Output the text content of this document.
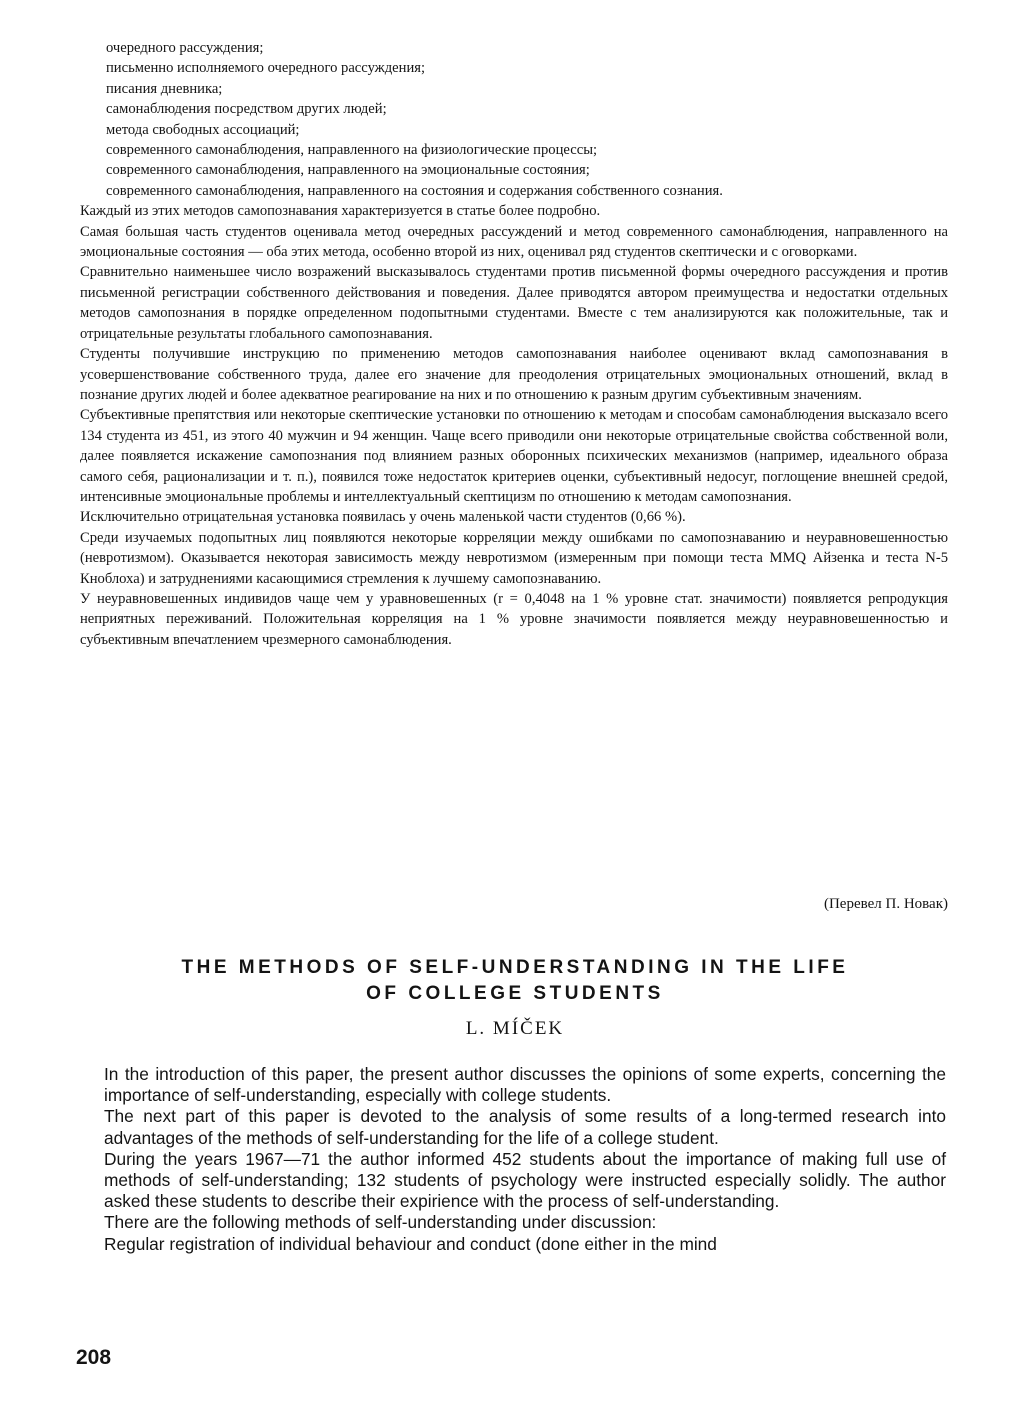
очередного рассуждения;

письменно исполняемого очередного рассуждения;

писания дневника;

самонаблюдения посредством других людей;

метода свободных ассоциаций;

современного самонаблюдения, направленного на физиологические процессы;

современного самонаблюдения, направленного на эмоциональные состояния;

современного самонаблюдения, направленного на состояния и содержания собственного сознания.

Каждый из этих методов самопознавания характеризуется в статье более подробно.

Самая большая часть студентов оценивала метод очередных рассуждений и метод современного самонаблюдения, направленного на эмоциональные состояния — оба этих метода, особенно второй из них, оценивал ряд студентов скептически и с оговорками.

Сравнительно наименьшее число возражений высказывалось студентами против письменной формы очередного рассуждения и против письменной регистрации собственного действования и поведения. Далее приводятся автором преимущества и недостатки отдельных методов самопознания в порядке определенном подопытными студентами. Вместе с тем анализируются как положительные, так и отрицательные результаты глобального самопознавания.

Студенты получившие инструкцию по применению методов самопознавания наиболее оценивают вклад самопознавания в усовершенствование собственного труда, далее его значение для преодоления отрицательных эмоциональных отношений, вклад в познание других людей и более адекватное реагирование на них и по отношению к разным другим субъективным значениям.

Субъективные препятствия или некоторые скептические установки по отношению к методам и способам самонаблюдения высказало всего 134 студента из 451, из этого 40 мужчин и 94 женщин. Чаще всего приводили они некоторые отрицательные свойства собственной воли, далее появляется искажение самопознания под влиянием разных оборонных психических механизмов (например, идеального образа самого себя, рационализации и т. п.), появился тоже недостаток критериев оценки, субъективный недосуг, поглощение внешней средой, интенсивные эмоциональные проблемы и интеллектуальный скептицизм по отношению к методам самопознания.

Исключительно отрицательная установка появилась у очень маленькой части студентов (0,66 %).

Среди изучаемых подопытных лиц появляются некоторые корреляции между ошибками по самопознаванию и неуравновешенностью (невротизмом). Оказывается некоторая зависимость между невротизмом (измеренным при помощи теста MMQ Айзенка и теста N-5 Кноблоха) и затруднениями касающимися стремления к лучшему самопознаванию.

У неуравновешенных индивидов чаще чем у уравновешенных (r = 0,4048 на 1 % уровне стат. значимости) появляется репродукция неприятных переживаний. Положительная корреляция на 1 % уровне значимости появляется между неуравновешенностью и субъективным впечатлением чрезмерного самонаблюдения.

(Перевел П. Новак)
THE METHODS OF SELF-UNDERSTANDING IN THE LIFE
OF COLLEGE STUDENTS
L. MÍČEK

In the introduction of this paper, the present author discusses the opinions of some experts, concerning the importance of self-understanding, especially with college students.

The next part of this paper is devoted to the analysis of some results of a long-termed research into advantages of the methods of self-understanding for the life of a college student.

During the years 1967—71 the author informed 452 students about the importance of making full use of methods of self-understanding; 132 students of psychology were instructed especially solidly. The author asked these students to describe their expirience with the process of self-understanding.

There are the following methods of self-understanding under discussion:

Regular registration of individual behaviour and conduct (done either in the mind

208
